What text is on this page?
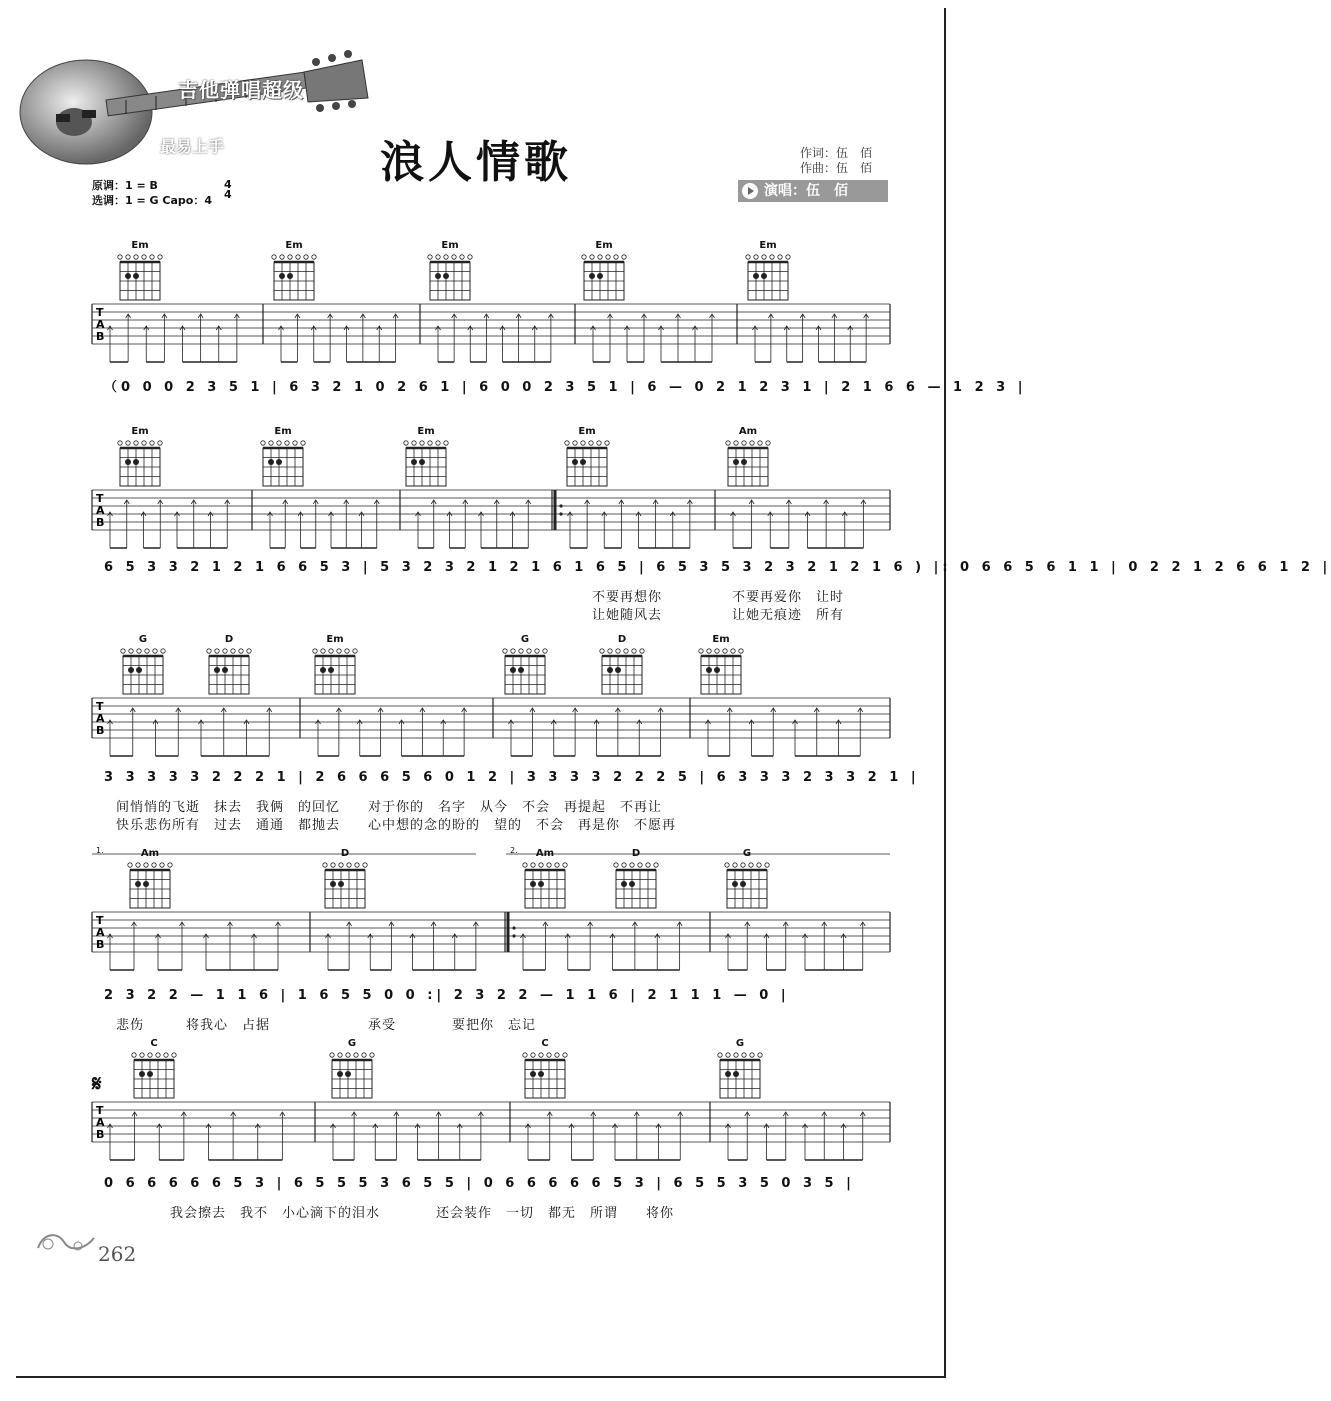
吉他弹唱超级
最易上手	浪人情歌	作词：伍　佰
作曲：伍　佰
演唱：伍　佰
原调：1 = B
选调：1 = G Capo：4
4
4
T
A
B
Em	Em	Em	Em	Em
（0 0 0 2 3 5 1 | 6 3 2 1 0 2 6 1 | 6 0 0 2 3 5 1 | 6 — 0 2 1 2 3 1 | 2 1 6 6 — 1 2 3 |
T
A
B
Em	Em	Em	Em	Am
6 5 3 3 2 1 2 1 6 6 5 3 | 5 3 2 3 2 1 2 1 6 1 6 5 | 6 5 3 5 3 2 3 2 1 2 1 6 ) |: 0 6 6 5 6 1 1 | 0 2 2 1 2 6 6 1 2 |
不要再想你　　　　　不要再爱你　让时
让她随风去　　　　　让她无痕迹　所有
T
A
B
G	D	Em	G	D	Em
3 3 3 3 3 2 2 2 1 | 2 6 6 6 5 6 0 1 2 | 3 3 3 3 2 2 2 5 | 6 3 3 3 2 3 3 2 1 |
间悄悄的飞逝　抹去　我俩　的回忆　　对于你的　名字　从今　不会　再提起　不再让
快乐悲伤所有　过去　通通　都抛去　　心中想的念的盼的　望的　不会　再是你　不愿再
T
A
B
Am	D	Am	D	G
1.	2.
2 3 2 2 — 1 1 6 | 1 6 5 5 0 0 :| 2 3 2 2 — 1 1 6 | 2 1 1 1 — 0 |
悲伤　　　将我心　占据　　　　　　　承受　　　　要把你　忘记
T
A
B
C	G	C	G
𝄋
0 6 6 6 6 6 5 3 | 6 5 5 5 3 6 5 5 | 0 6 6 6 6 6 5 3 | 6 5 5 3 5 0 3 5 |
我会擦去　我不　小心滴下的泪水　　　　还会装作　一切　都无　所谓　　将你
262
